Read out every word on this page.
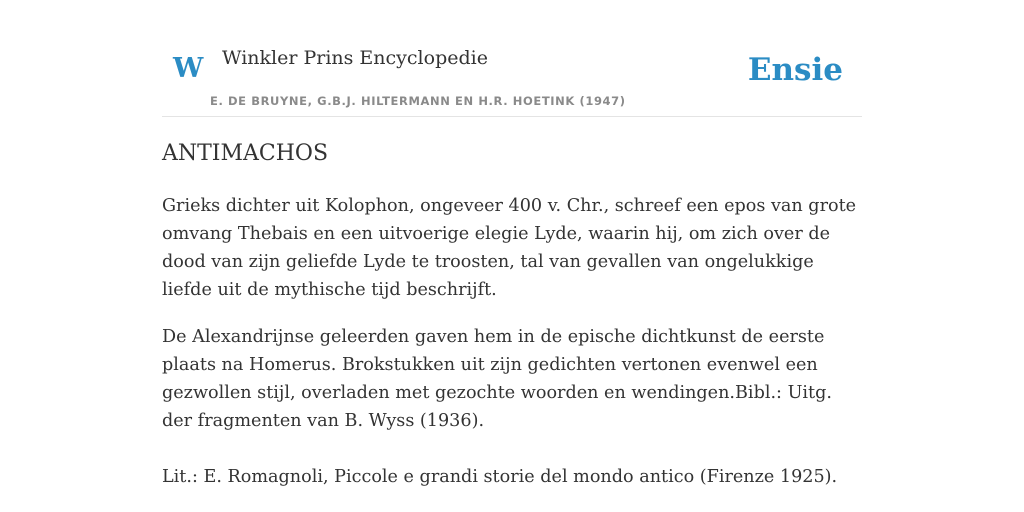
W Winkler Prins Encyclopedie	Ensie
E. DE BRUYNE, G.B.J. HILTERMANN EN H.R. HOETINK (1947)
ANTIMACHOS

Grieks dichter uit Kolophon, ongeveer 400 v. Chr., schreef een epos van grote omvang Thebais en een uitvoerige elegie Lyde, waarin hij, om zich over de dood van zijn geliefde Lyde te troosten, tal van gevallen van ongelukkige liefde uit de mythische tijd beschrijft.

De Alexandrijnse geleerden gaven hem in de epische dichtkunst de eerste plaats na Homerus. Brokstukken uit zijn gedichten vertonen evenwel een gezwollen stijl, overladen met gezochte woorden en wendingen.Bibl.: Uitg. der fragmenten van B. Wyss (1936).

Lit.: E. Romagnoli, Piccole e grandi storie del mondo antico (Firenze 1925).
